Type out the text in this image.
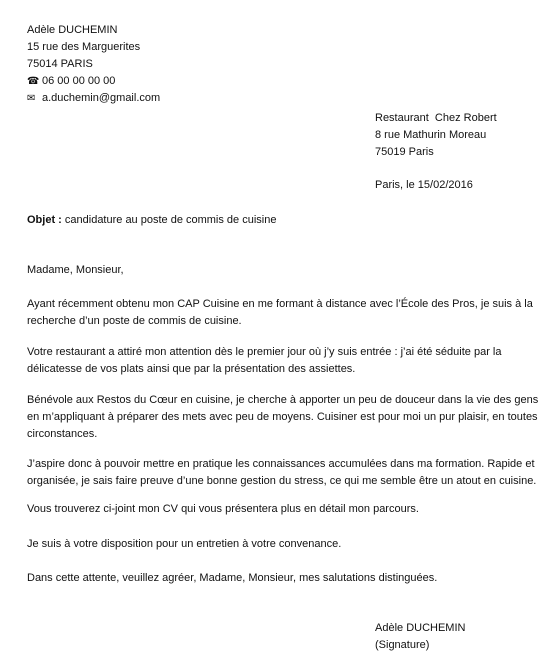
Adèle DUCHEMIN
15 rue des Marguerites
75014 PARIS
☎ 06 00 00 00 00
✉ a.duchemin@gmail.com
Restaurant  Chez Robert
8 rue Mathurin Moreau
75019 Paris
Paris, le 15/02/2016
Objet : candidature au poste de commis de cuisine
Madame, Monsieur,
Ayant récemment obtenu mon CAP Cuisine en me formant à distance avec l’École des Pros, je suis à la
recherche d’un poste de commis de cuisine.
Votre restaurant a attiré mon attention dès le premier jour où j’y suis entrée : j’ai été séduite par la
délicatesse de vos plats ainsi que par la présentation des assiettes.
Bénévole aux Restos du Cœur en cuisine, je cherche à apporter un peu de douceur dans la vie des gens
en m’appliquant à préparer des mets avec peu de moyens. Cuisiner est pour moi un pur plaisir, en toutes
circonstances.
J’aspire donc à pouvoir mettre en pratique les connaissances accumulées dans ma formation. Rapide et
organisée, je sais faire preuve d’une bonne gestion du stress, ce qui me semble être un atout en cuisine.
Vous trouverez ci-joint mon CV qui vous présentera plus en détail mon parcours.
Je suis à votre disposition pour un entretien à votre convenance.
Dans cette attente, veuillez agréer, Madame, Monsieur, mes salutations distinguées.
Adèle DUCHEMIN
(Signature)
